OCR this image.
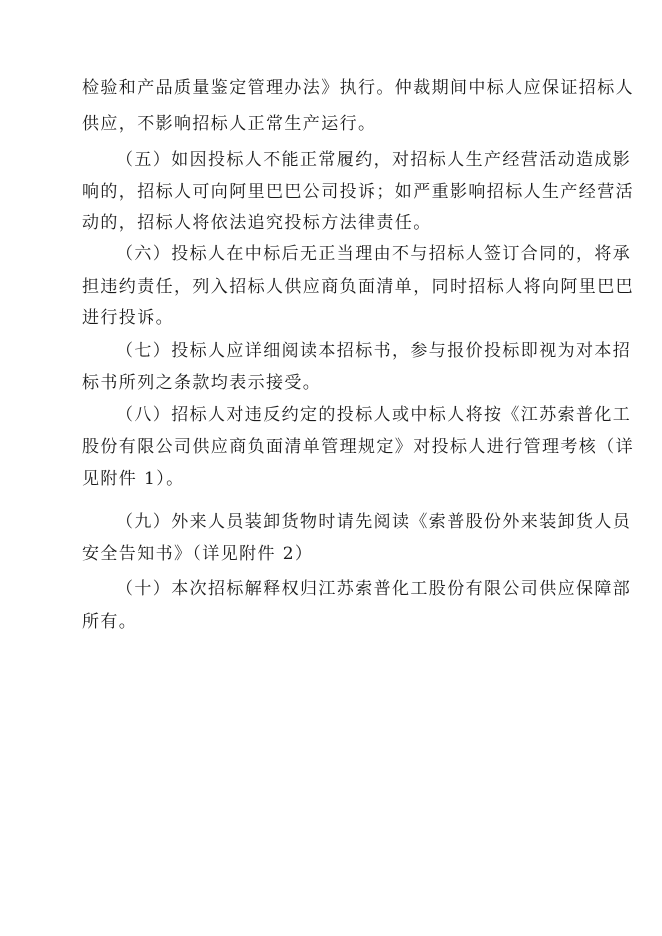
检验和产品质量鉴定管理办法》执行。仲裁期间中标人应保证招标人
供应，不影响招标人正常生产运行。
（五）如因投标人不能正常履约，对招标人生产经营活动造成影
响的，招标人可向阿里巴巴公司投诉；如严重影响招标人生产经营活
动的，招标人将依法追究投标方法律责任。
（六）投标人在中标后无正当理由不与招标人签订合同的，将承
担违约责任，列入招标人供应商负面清单，同时招标人将向阿里巴巴
进行投诉。
（七）投标人应详细阅读本招标书，参与报价投标即视为对本招
标书所列之条款均表示接受。
（八）招标人对违反约定的投标人或中标人将按《江苏索普化工
股份有限公司供应商负面清单管理规定》对投标人进行管理考核（详
见附件 1）。
（九）外来人员装卸货物时请先阅读《索普股份外来装卸货人员
安全告知书》（详见附件 2）
（十）本次招标解释权归江苏索普化工股份有限公司供应保障部
所有。
